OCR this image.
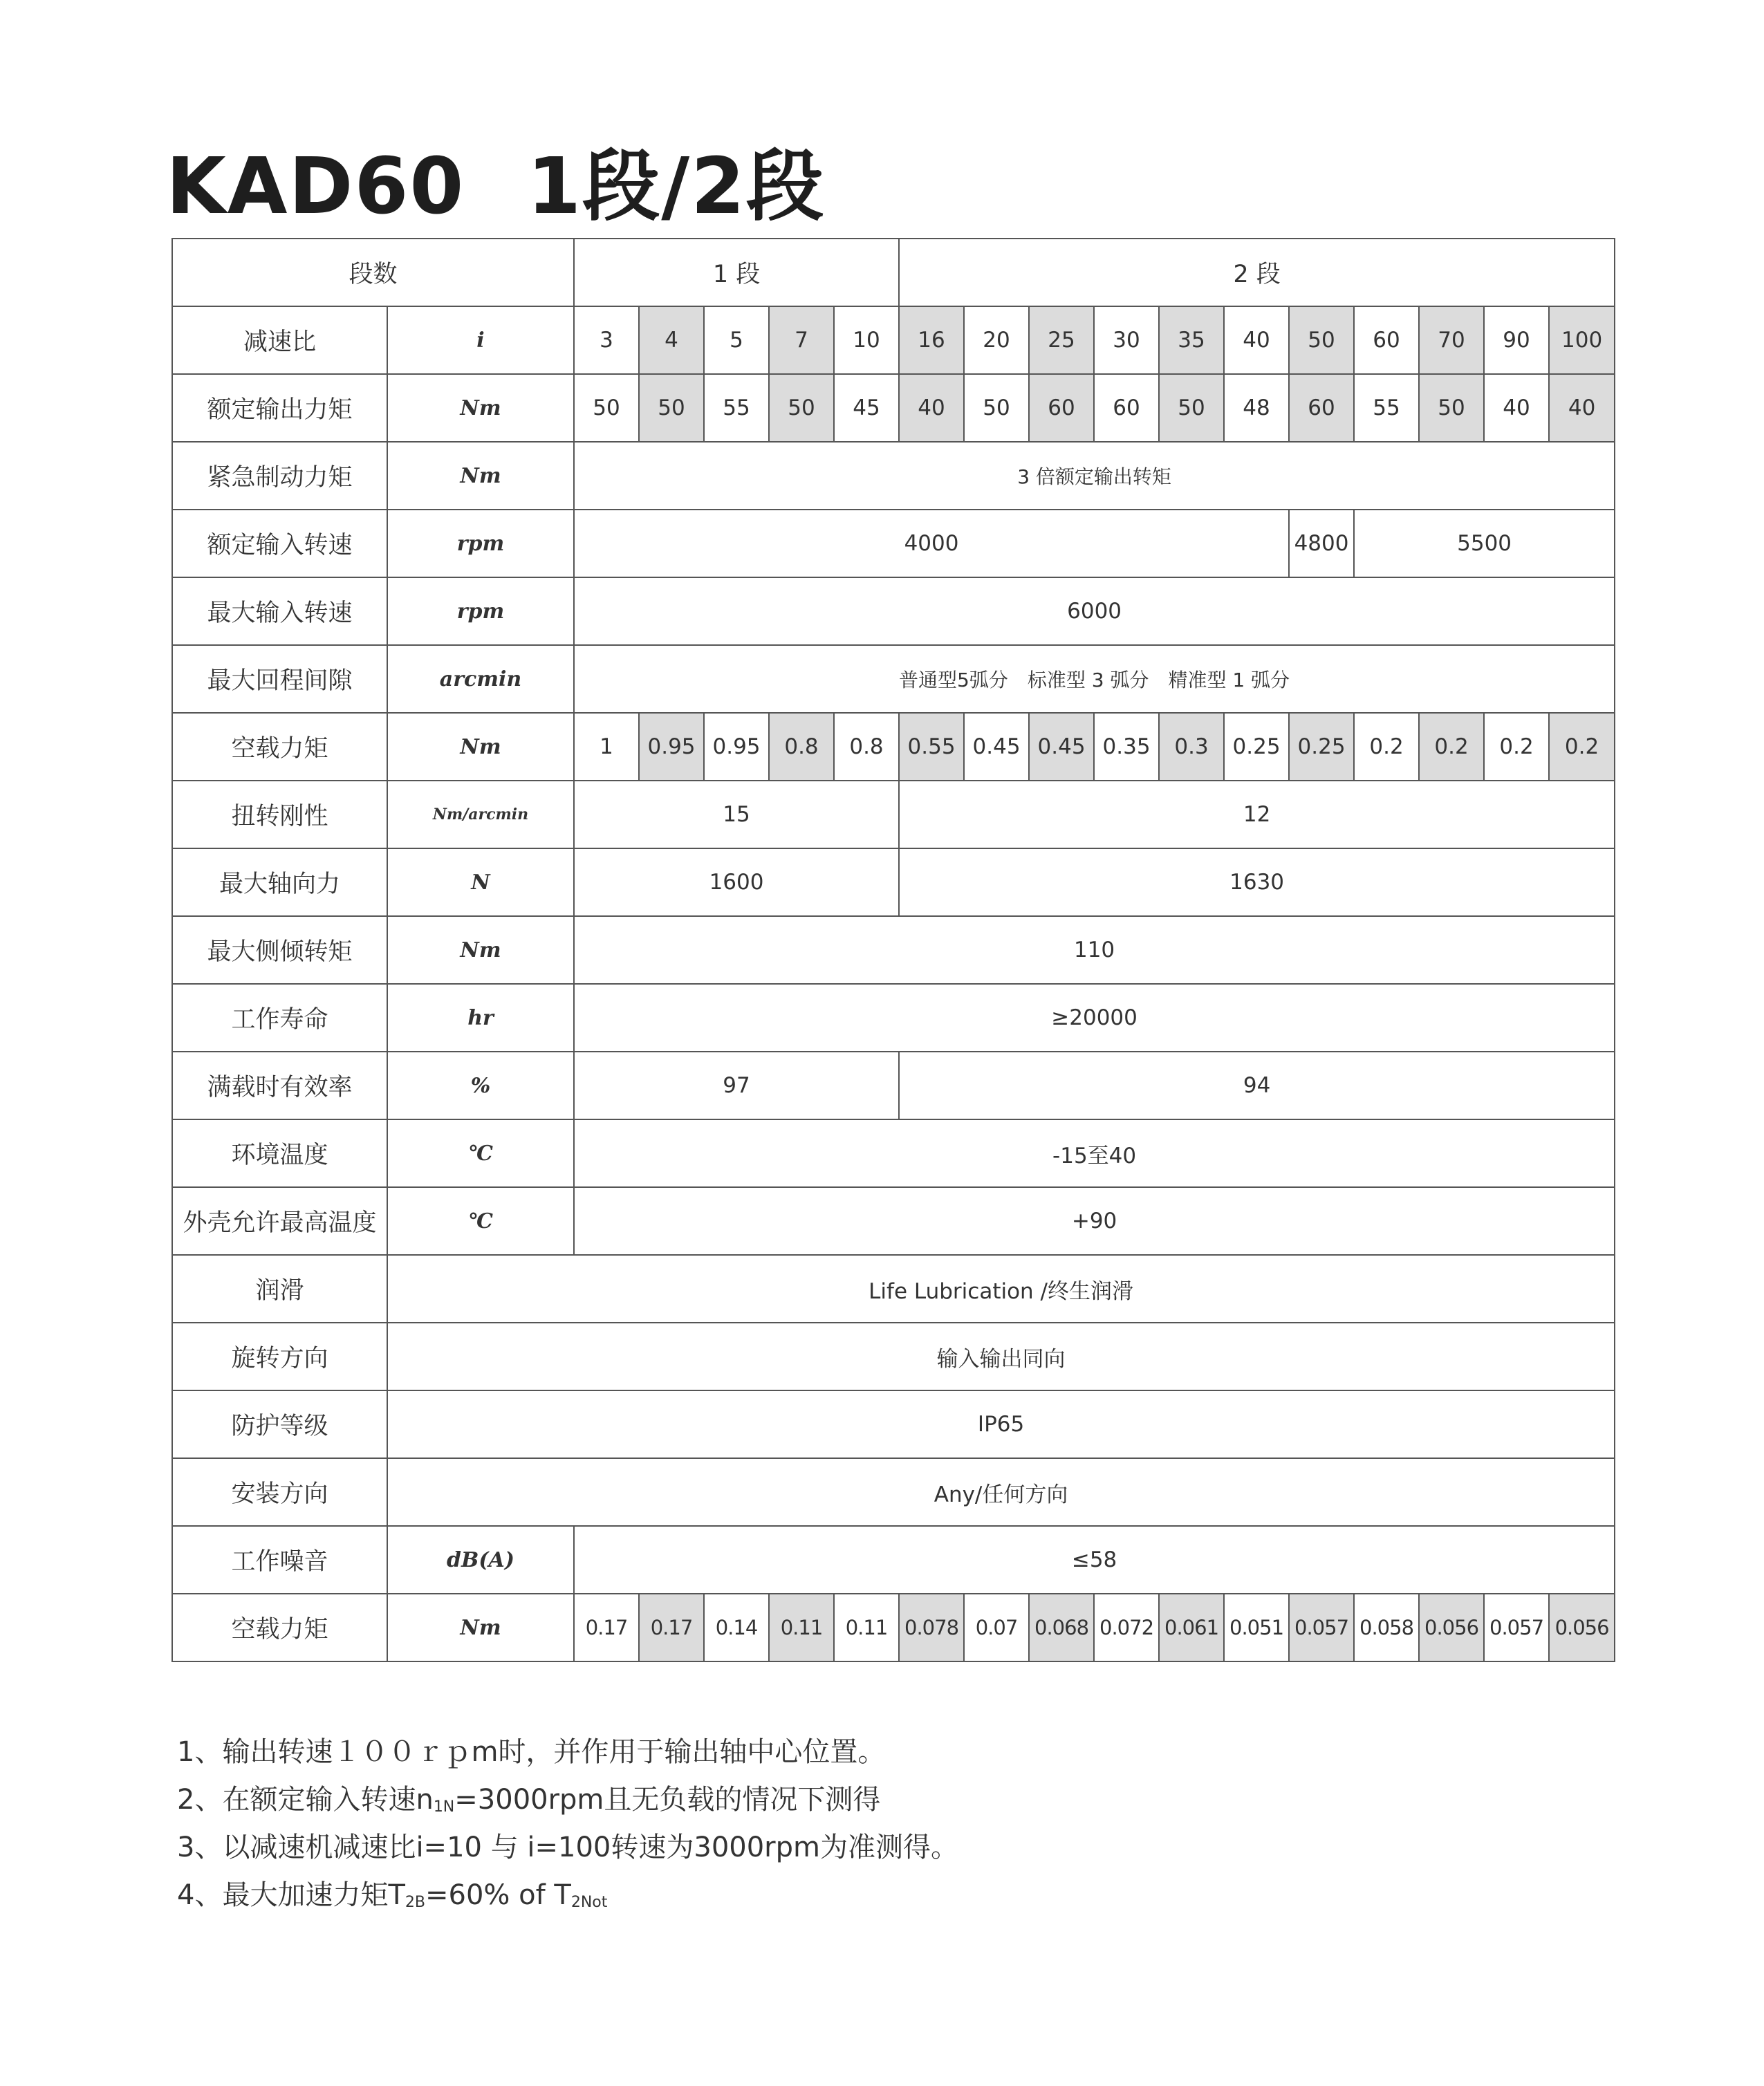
KAD60 1段/2段
段数		1 段					2 段										
减速比	i	3	4	5	7	10	16	20	25	30	35	40	50	60	70	90	100
额定输出力矩	Nm	50	50	55	50	45	40	50	60	60	50	48	60	55	50	40	40
紧急制动力矩	Nm	3 倍额定输出转矩															
额定输入转速	rpm	4000											4800	5500			
最大输入转速	rpm	6000															
最大回程间隙	arcmin	普通型5弧分　标准型 3 弧分　精准型 1 弧分															
空载力矩	Nm	1	0.95	0.95	0.8	0.8	0.55	0.45	0.45	0.35	0.3	0.25	0.25	0.2	0.2	0.2	0.2
扭转刚性	Nm/arcmin	15					12										
最大轴向力	N	1600					1630										
最大侧倾转矩	Nm	110															
工作寿命	hr	≥20000															
满载时有效率	%	97					94										
环境温度	℃	-15至40															
外壳允许最高温度	℃	+90															
润滑	Life Lubrication /终生润滑																
旋转方向	输入输出同向																
防护等级	IP65																
安装方向	Any/任何方向																
工作噪音	dB(A)	≤58															
空载力矩	Nm	0.17	0.17	0.14	0.11	0.11	0.078	0.07	0.068	0.072	0.061	0.051	0.057	0.058	0.056	0.057	0.056
1、输出转速１００ｒｐm时，并作用于输出轴中心位置。
2、在额定输入转速$n_{1N}=3000rpm$且无负载的情况下测得
3、以减速机减速比i=10 与 i=100转速为3000rpm为准测得。
4、最大加速力矩$T_{2B}=60\%$ of $T_{2Not}$
